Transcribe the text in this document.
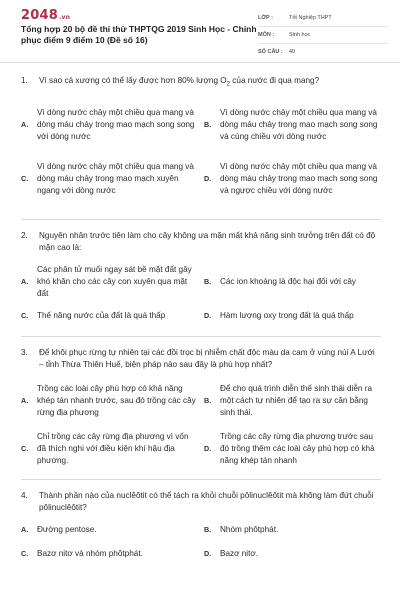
2048.vn
Tổng hợp 20 bộ đề thi thử THPTQG 2019 Sinh Học - Chinh phục điểm 9 điểm 10 (Đề số 16)
LỚP :	Tốt Nghiệp THPT
MÔN :	Sinh học
SỐ CÂU :	40
1.	Vì sao cá xương có thể lấy được hơn 80% lượng $O_2$ của nước đi qua mang?
A.
Vì dòng nước chảy một chiều qua mang và dòng máu chảy trong mao mạch song song với dòng nước
B.
Vì dòng nước chảy một chiều qua mang và dòng máu chảy trong mao mạch song song và cùng chiều với dòng nước
C.
Vì dòng nước chảy một chiều qua mang và dòng máu chảy trong mao mạch xuyên ngang với dòng nước
D.
Vì dòng nước chảy một chiều qua mang và dòng máu chảy trong mao mạch song song và ngược chiều với dòng nước
2.	Nguyên nhân trước tiên làm cho cây không ưa mặn mất khả năng sinh trưởng trên đất có độ mặn cao là:
A.
Các phân tử muối ngay sát bề mặt đất gây khó khăn cho các cây con xuyên qua mặt đất
B.	Các ion khoáng là độc hại đối với cây
C.	Thế năng nước của đất là quá thấp	D.	Hàm lượng oxy trong đất là quá thấp
3.	Để khôi phục rừng tự nhiên tại các đồi trọc bị nhiễm chất độc màu da cam ở vùng núi A Lưới – tỉnh Thừa Thiên Huế, biện pháp nào sau đây là phù hợp nhất?
A.
Trồng các loài cây phù hợp có khả năng khép tán nhanh trước, sau đó trồng các cây rừng địa phương
B.
Để cho quá trình diễn thế sinh thái diễn ra một cách tự nhiên để tạo ra sự cân bằng sinh thái.
C.
Chỉ trồng các cây rừng địa phương vì vốn đã thích nghi với điều kiện khí hậu địa phương.
D.
Trồng các cây rừng địa phương trước sau đó trồng thêm các loài cây phù hợp có khả năng khép tán nhanh
4.	Thành phần nào của nuclêôtit có thể tách ra khỏi chuỗi pôlinuclêôtit mà không làm đứt chuỗi pôlinuclêôtit?
A.	Đường pentose.	B.	Nhóm phôtphát.
C.	Bazơ nitơ và nhóm phôtphát.	D.	Bazơ nitơ.
